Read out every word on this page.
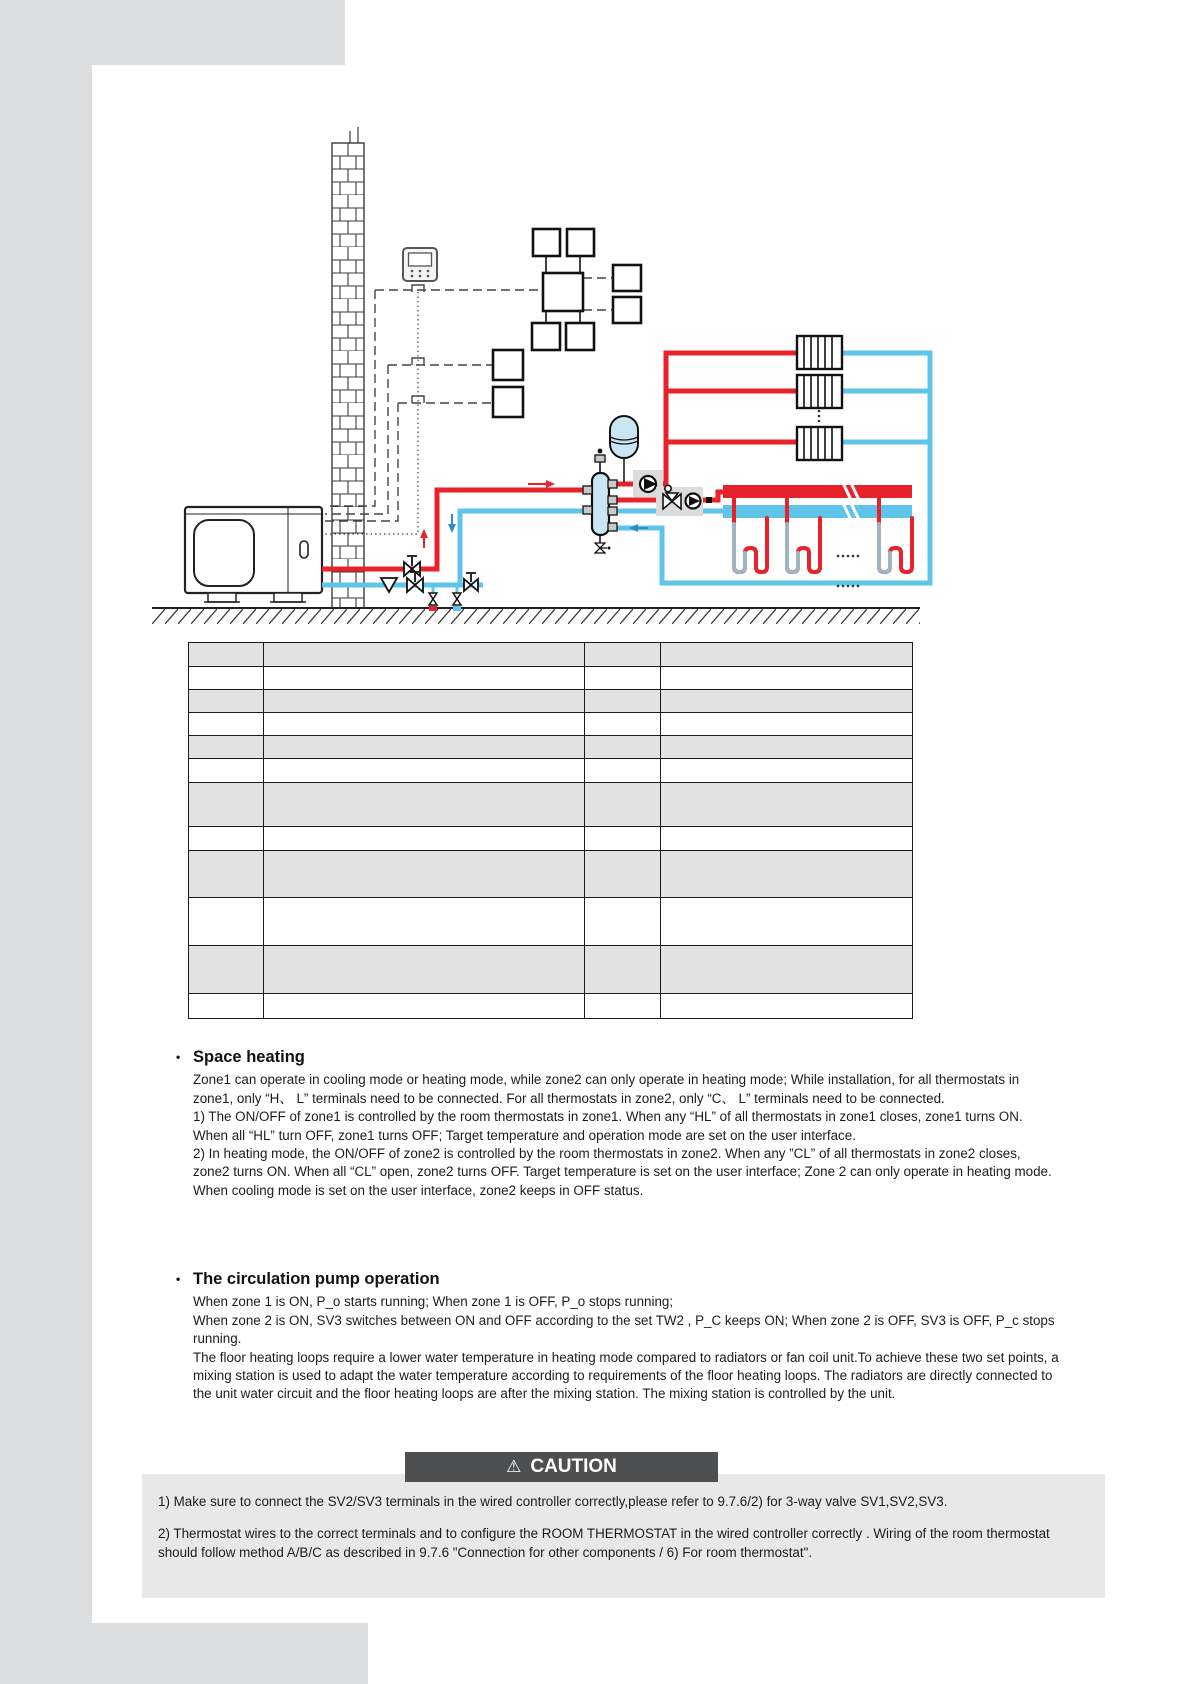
• Space heating

Zone1 can operate in cooling mode or heating mode, while zone2 can only operate in heating mode; While installation, for all thermostats in zone1, only “H、 L” terminals need to be connected. For all thermostats in zone2, only “C、 L” terminals need to be connected.

1) The ON/OFF of zone1 is controlled by the room thermostats in zone1. When any “HL” of all thermostats in zone1 closes, zone1 turns ON. When all “HL” turn OFF, zone1 turns OFF; Target temperature and operation mode are set on the user interface.

2) In heating mode, the ON/OFF of zone2 is controlled by the room thermostats in zone2. When any ”CL” of all thermostats in zone2 closes, zone2 turns ON. When all “CL” open, zone2 turns OFF. Target temperature is set on the user interface; Zone 2 can only operate in heating mode. When cooling mode is set on the user interface, zone2 keeps in OFF status.

• The circulation pump operation

When zone 1 is ON, P_o starts running; When zone 1 is OFF, P_o stops running;

When zone 2 is ON, SV3 switches between ON and OFF according to the set TW2 , P_C keeps ON; When zone 2 is OFF, SV3 is OFF, P_c stops running.

The floor heating loops require a lower water temperature in heating mode compared to radiators or fan coil unit.To achieve these two set points, a mixing station is used to adapt the water temperature according to requirements of the floor heating loops. The radiators are directly connected to the unit water circuit and the floor heating loops are after the mixing station. The mixing station is controlled by the unit.

1) Make sure to connect the SV2/SV3 terminals in the wired controller correctly,please refer to 9.7.6/2) for 3-way valve SV1,SV2,SV3.

2) Thermostat wires to the correct terminals and to configure the ROOM THERMOSTAT in the wired controller correctly . Wiring of the room thermostat should follow method A/B/C as described in 9.7.6 "Connection for other components / 6) For room thermostat".

⚠ CAUTION
